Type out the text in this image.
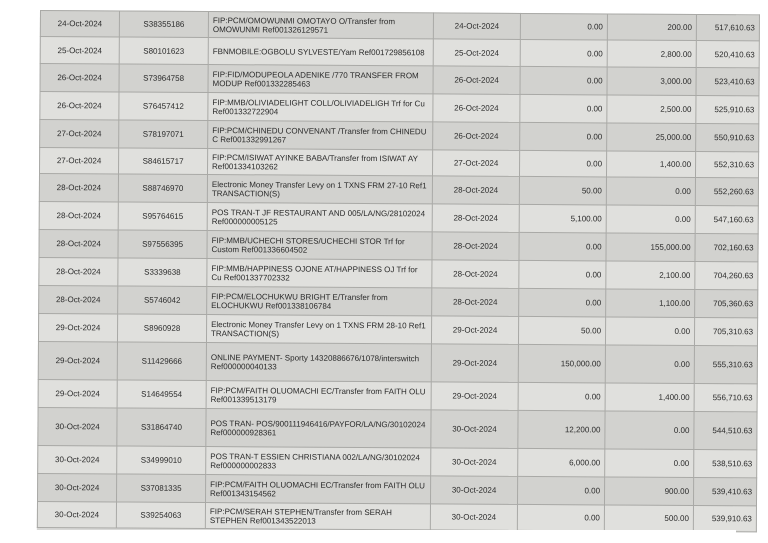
24-Oct-2024	S38355186	FIP:PCM/OMOWUNMI OMOTAYO O/Transfer from OMOWUNMI Ref001326129571	24-Oct-2024	0.00	200.00	517,610.63
25-Oct-2024	S80101623	FBNMOBILE:OGBOLU SYLVESTE/Yam Ref001729856108	25-Oct-2024	0.00	2,800.00	520,410.63
26-Oct-2024	S73964758	FIP:FID/MODUPEOLA ADENIKE /770 TRANSFER FROM MODUP Ref001332285463	26-Oct-2024	0.00	3,000.00	523,410.63
26-Oct-2024	S76457412	FIP:MMB/OLIVIADELIGHT COLL/OLIVIADELIGH Trf for Cu Ref001332722904	26-Oct-2024	0.00	2,500.00	525,910.63
27-Oct-2024	S78197071	FIP:PCM/CHINEDU CONVENANT /Transfer from CHINEDU C Ref001332991267	26-Oct-2024	0.00	25,000.00	550,910.63
27-Oct-2024	S84615717	FIP:PCM/ISIWAT AYINKE BABA/Transfer from ISIWAT AY Ref001334103262	27-Oct-2024	0.00	1,400.00	552,310.63
28-Oct-2024	S88746970	Electronic Money Transfer Levy on 1 TXNS FRM 27-10 Ref1 TRANSACTION(S)	28-Oct-2024	50.00	0.00	552,260.63
28-Oct-2024	S95764615	POS TRAN-T JF RESTAURANT AND 005/LA/NG/28102024 Ref000000005125	28-Oct-2024	5,100.00	0.00	547,160.63
28-Oct-2024	S97556395	FIP:MMB/UCHECHI STORES/UCHECHI STOR Trf for Custom Ref001336604502	28-Oct-2024	0.00	155,000.00	702,160.63
28-Oct-2024	S3339638	FIP:MMB/HAPPINESS OJONE AT/HAPPINESS OJ Trf for Cu Ref001337702332	28-Oct-2024	0.00	2,100.00	704,260.63
28-Oct-2024	S5746042	FIP:PCM/ELOCHUKWU BRIGHT E/Transfer from ELOCHUKWU Ref001338106784	28-Oct-2024	0.00	1,100.00	705,360.63
29-Oct-2024	S8960928	Electronic Money Transfer Levy on 1 TXNS FRM 28-10 Ref1 TRANSACTION(S)	29-Oct-2024	50.00	0.00	705,310.63
29-Oct-2024	S11429666	ONLINE PAYMENT- Sporty 14320886676/1078/interswitch Ref000000040133	29-Oct-2024	150,000.00	0.00	555,310.63
29-Oct-2024	S14649554	FIP:PCM/FAITH OLUOMACHI EC/Transfer from FAITH OLU Ref001339513179	29-Oct-2024	0.00	1,400.00	556,710.63
30-Oct-2024	S31864740	POS TRAN- POS/900111946416/PAYFOR/LA/NG/30102024 Ref000000928361	30-Oct-2024	12,200.00	0.00	544,510.63
30-Oct-2024	S34999010	POS TRAN-T ESSIEN CHRISTIANA 002/LA/NG/30102024 Ref000000002833	30-Oct-2024	6,000.00	0.00	538,510.63
30-Oct-2024	S37081335	FIP:PCM/FAITH OLUOMACHI EC/Transfer from FAITH OLU Ref001343154562	30-Oct-2024	0.00	900.00	539,410.63
30-Oct-2024	S39254063	FIP:PCM/SERAH STEPHEN/Transfer from SERAH STEPHEN Ref001343522013	30-Oct-2024	0.00	500.00	539,910.63
